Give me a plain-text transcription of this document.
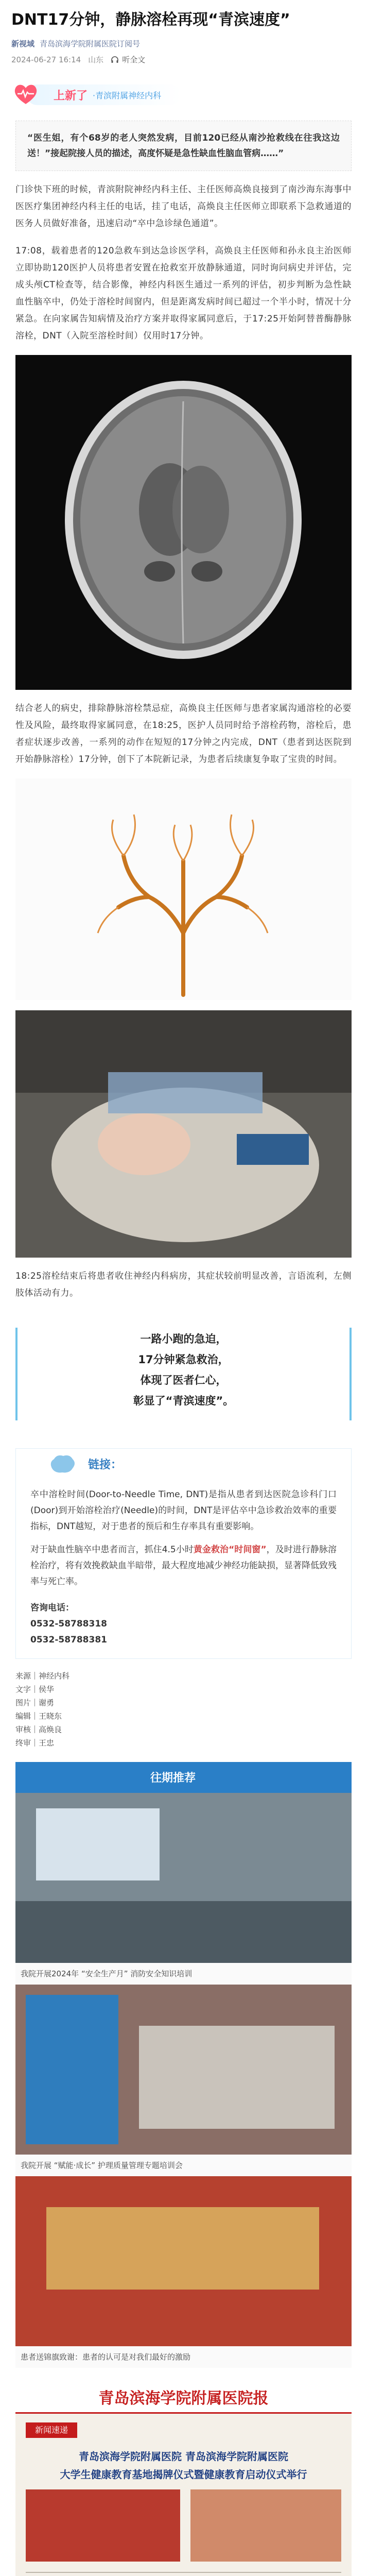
DNT17分钟，静脉溶栓再现“青滨速度”
新视域 青岛滨海学院附属医院订阅号
2024-06-27 16:14 山东 听全文
上新了 ·青滨附属神经内科
“医生姐，有个68岁的老人突然发病，目前120已经从南沙抢救线在往我这边送！”接起院接人员的描述，高度怀疑是急性缺血性脑血管病……”
门诊快下班的时候，青滨附院神经内科主任、主任医师高焕良接到了南沙海东海事中医医疗集团神经内科主任的电话，挂了电话，高焕良主任医师立即联系下急救通道的医务人员做好准备，迅速启动“卒中急诊绿色通道”。
17:08，载着患者的120急救车到达急诊医学科，高焕良主任医师和孙永良主治医师立即协助120医护人员将患者安置在抢救室开放静脉通道，同时询问病史并评估，完成头颅CT检查等，结合影像，神经内科医生通过一系列的评估，初步判断为急性缺血性脑卒中，仍处于溶栓时间窗内，但是距离发病时间已超过一个半小时，情况十分紧急。在向家属告知病情及治疗方案并取得家属同意后，于17:25开始阿替普酶静脉溶栓，DNT（入院至溶栓时间）仅用时17分钟。
结合老人的病史，排除静脉溶栓禁忌症，高焕良主任医师与患者家属沟通溶栓的必要性及风险，最终取得家属同意，在18:25，医护人员同时给予溶栓药物，溶栓后，患者症状逐步改善，一系列的动作在短短的17分钟之内完成，DNT（患者到达医院到开始静脉溶栓）17分钟，创下了本院新记录，为患者后续康复争取了宝贵的时间。
18:25溶栓结束后将患者收住神经内科病房，其症状较前明显改善，言语流利，左侧肢体活动有力。
一路小跑的急迫，
17分钟紧急救治，
体现了医者仁心，
彰显了“青滨速度”。
链接：

卒中溶栓时间(Door-to-Needle Time, DNT)是指从患者到达医院急诊科门口(Door)到开始溶栓治疗(Needle)的时间，DNT是评估卒中急诊救治效率的重要指标，DNT越短，对于患者的预后和生存率具有重要影响。

对于缺血性脑卒中患者而言，抓住4.5小时黄金救治“时间窗”，及时进行静脉溶栓治疗，将有效挽救缺血半暗带，最大程度地减少神经功能缺损，显著降低致残率与死亡率。

咨询电话：

0532-58788318

0532-58788381

来源｜神经内科
文字｜侯华
图片｜谢勇
编辑｜王晓东
审核｜高焕良
终审｜王忠
往期推荐
我院开展2024年 “安全生产月” 消防安全知识培训
我院开展 “赋能·成长” 护理质量管理专题培训会
患者送锦旗致谢：患者的认可是对我们最好的激励
青岛滨海学院附属医院报
新闻速递
青岛滨海学院附属医院 青岛滨海学院附属医院
大学生健康教育基地揭牌仪式暨健康教育启动仪式举行
